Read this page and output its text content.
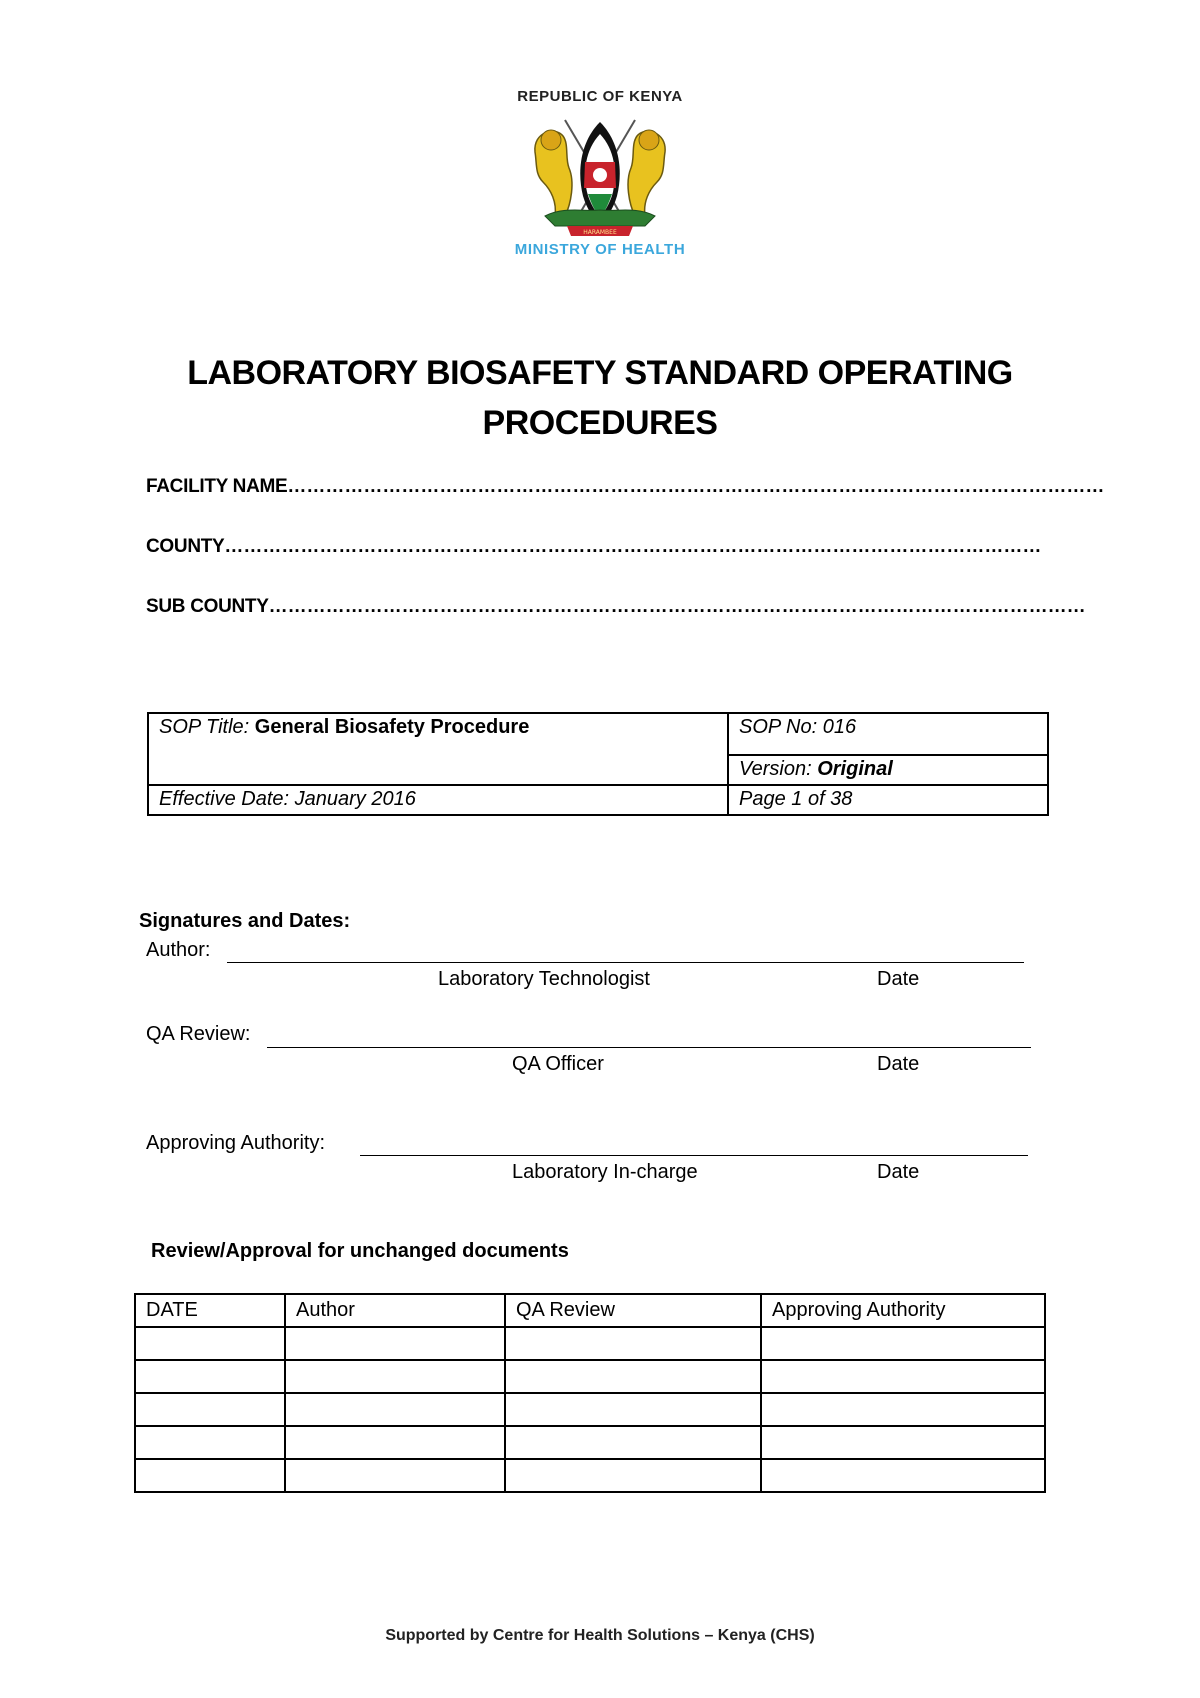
REPUBLIC OF KENYA
HARAMBEE
MINISTRY OF HEALTH
LABORATORY BIOSAFETY STANDARD OPERATING
PROCEDURES
FACILITY NAME…………………………………………………………………………………………………………………
COUNTY…………………………………………………………………………………………………………………
SUB COUNTY…………………………………………………………………………………………………………………
SOP Title: General Biosafety Procedure	SOP No: 016
	Version: Original
Effective Date: January 2016	Page 1 of 38
Signatures and Dates:
Author:
Laboratory Technologist	Date
QA Review:
QA Officer	Date
Approving Authority:
Laboratory In-charge	Date
Review/Approval for unchanged documents
DATE	Author	QA Review	Approving Authority

Supported by Centre for Health Solutions – Kenya (CHS)
